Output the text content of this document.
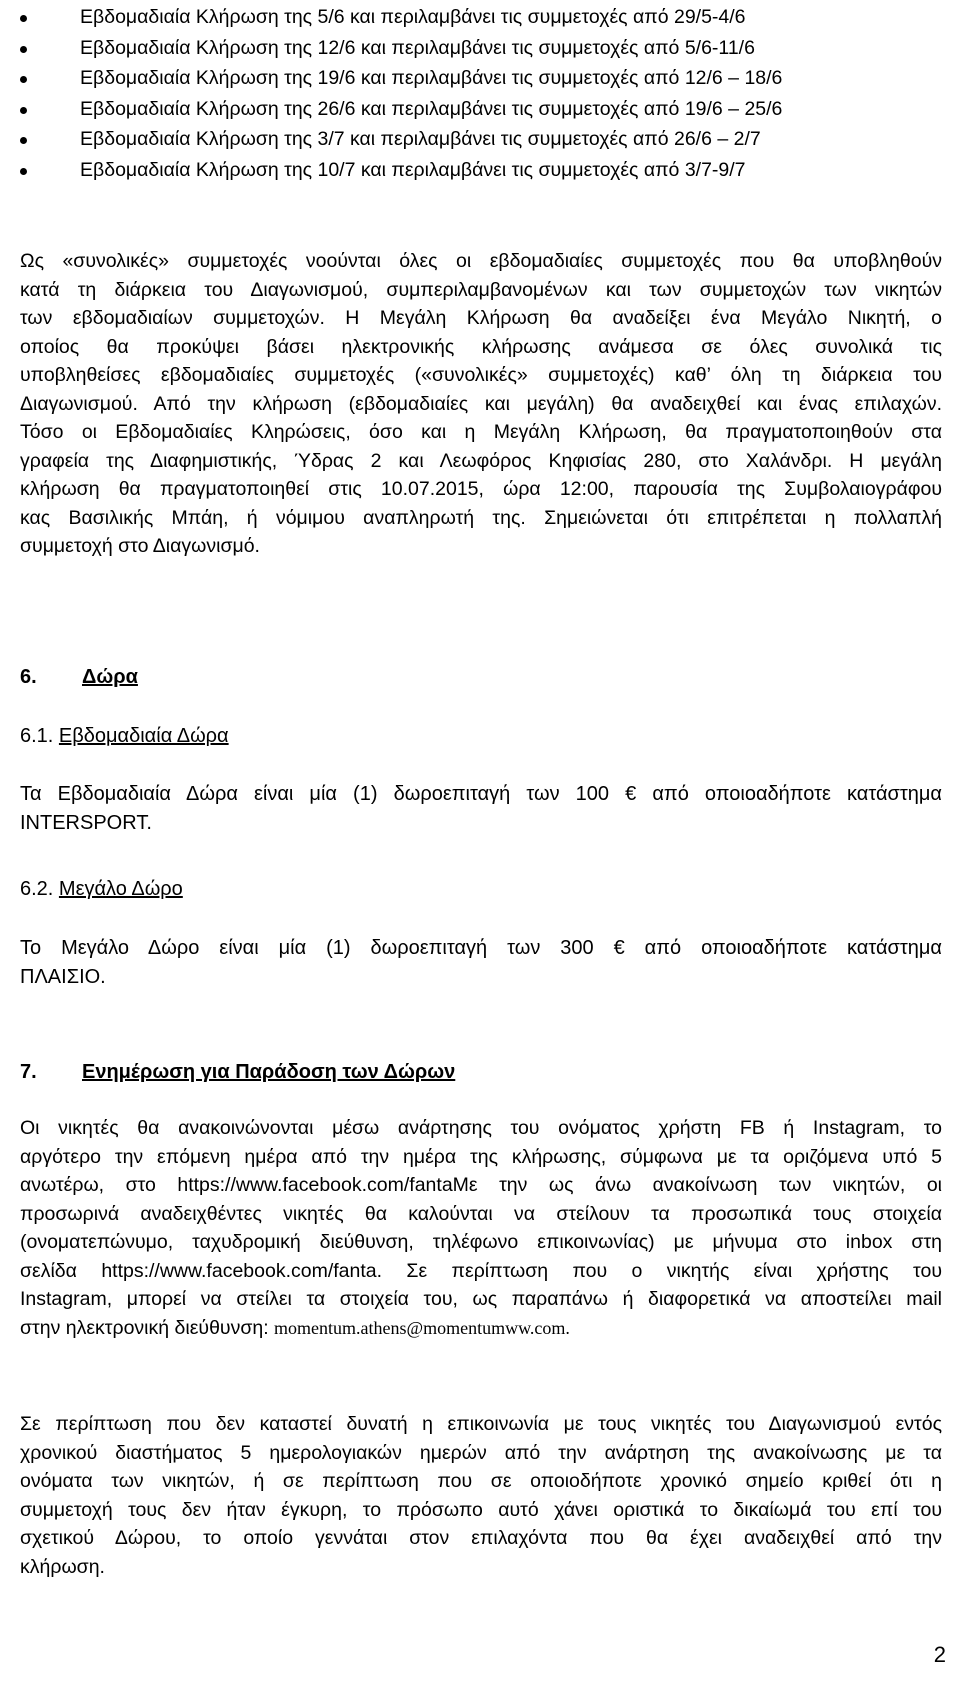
Εβδομαδιαία Κλήρωση της 5/6 και περιλαμβάνει τις συμμετοχές από 29/5-4/6
Εβδομαδιαία Κλήρωση της 12/6 και περιλαμβάνει τις συμμετοχές από 5/6-11/6
Εβδομαδιαία Κλήρωση της 19/6 και περιλαμβάνει τις συμμετοχές από 12/6 – 18/6
Εβδομαδιαία Κλήρωση της 26/6 και περιλαμβάνει τις συμμετοχές από 19/6 – 25/6
Εβδομαδιαία Κλήρωση της 3/7 και περιλαμβάνει τις συμμετοχές από 26/6 – 2/7
Εβδομαδιαία Κλήρωση της 10/7 και περιλαμβάνει τις συμμετοχές από 3/7-9/7
Ως «συνολικές» συμμετοχές νοούνται όλες οι εβδομαδιαίες συμμετοχές που θα υποβληθούν
κατά τη διάρκεια του Διαγωνισμού, συμπεριλαμβανομένων και των συμμετοχών των νικητών
των εβδομαδιαίων συμμετοχών. Η Μεγάλη Κλήρωση θα αναδείξει ένα Μεγάλο Νικητή, ο
οποίος θα προκύψει βάσει ηλεκτρονικής κλήρωσης ανάμεσα σε όλες συνολικά τις
υποβληθείσες εβδομαδιαίες συμμετοχές («συνολικές» συμμετοχές) καθ’ όλη τη διάρκεια του
Διαγωνισμού. Από την κλήρωση (εβδομαδιαίες και μεγάλη) θα αναδειχθεί και ένας επιλαχών.
Τόσο οι Εβδομαδιαίες Κληρώσεις, όσο και η Μεγάλη Κλήρωση, θα πραγματοποιηθούν στα
γραφεία της Διαφημιστικής, Ύδρας 2 και Λεωφόρος Κηφισίας 280, στο Χαλάνδρι. Η μεγάλη
κλήρωση θα πραγματοποιηθεί στις 10.07.2015, ώρα 12:00, παρουσία της Συμβολαιογράφου
κας Βασιλικής Μπάη, ή νόμιμου αναπληρωτή της. Σημειώνεται ότι επιτρέπεται η πολλαπλή
συμμετοχή στο Διαγωνισμό.
6. Δώρα
6.1. Εβδομαδιαία Δώρα
Τα Εβδομαδιαία Δώρα είναι μία (1) δωροεπιταγή των 100 € από οποιοαδήποτε κατάστημα
INTERSPORT.
6.2. Μεγάλο Δώρο
Το Μεγάλο Δώρο είναι μία (1) δωροεπιταγή των 300 € από οποιοαδήποτε κατάστημα
ΠΛΑΙΣΙΟ.
7. Ενημέρωση για Παράδοση των Δώρων
Οι νικητές θα ανακοινώνονται μέσω ανάρτησης του ονόματος χρήστη FB ή Instagram, το
αργότερο την επόμενη ημέρα από την ημέρα της κλήρωσης, σύμφωνα με τα οριζόμενα υπό 5
ανωτέρω, στο https://www.facebook.com/fantaΜε την ως άνω ανακοίνωση των νικητών, οι
προσωρινά αναδειχθέντες νικητές θα καλούνται να στείλουν τα προσωπικά τους στοιχεία
(ονοματεπώνυμο, ταχυδρομική διεύθυνση, τηλέφωνο επικοινωνίας) με μήνυμα στο inbox στη
σελίδα https://www.facebook.com/fanta. Σε περίπτωση που ο νικητής είναι χρήστης του
Instagram, μπορεί να στείλει τα στοιχεία του, ως παραπάνω ή διαφορετικά να αποστείλει mail
στην ηλεκτρονική διεύθυνση: momentum.athens@momentumww.com.
Σε περίπτωση που δεν καταστεί δυνατή η επικοινωνία με τους νικητές του Διαγωνισμού εντός
χρονικού διαστήματος 5 ημερολογιακών ημερών από την ανάρτηση της ανακοίνωσης με τα
ονόματα των νικητών, ή σε περίπτωση που σε οποιοδήποτε χρονικό σημείο κριθεί ότι η
συμμετοχή τους δεν ήταν έγκυρη, το πρόσωπο αυτό χάνει οριστικά το δικαίωμά του επί του
σχετικού Δώρου, το οποίο γεννάται στον επιλαχόντα που θα έχει αναδειχθεί από την
κλήρωση.
2
